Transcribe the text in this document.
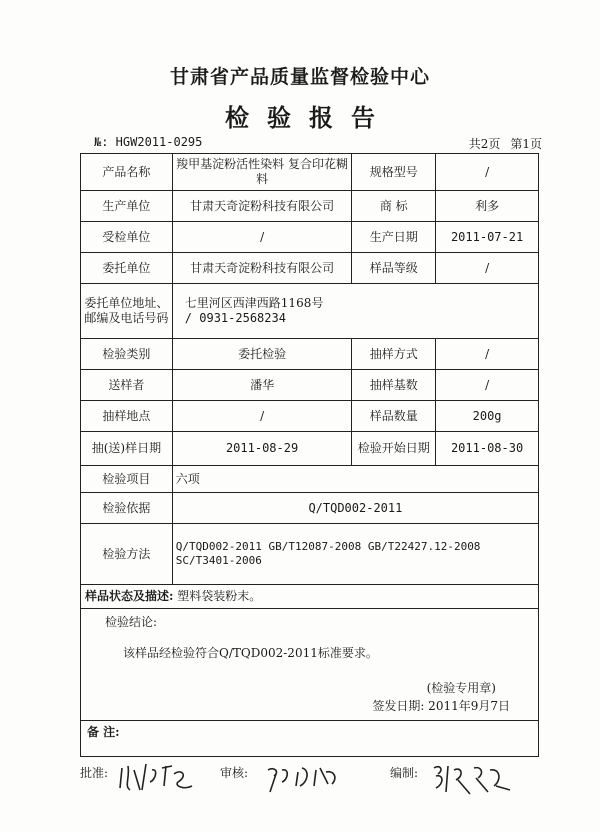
甘肃省产品质量监督检验中心
检验报告
№: HGW2011-0295	共2页 第1页
产品名称	羧甲基淀粉活性染料 复合印花糊料	规格型号	/
生产单位	甘肃天奇淀粉科技有限公司	商 标	利多
受检单位	/	生产日期	2011-07-21
委托单位	甘肃天奇淀粉科技有限公司	样品等级	/
委托单位地址、邮编及电话号码	七里河区西津西路1168号
/ 0931-2568234		

检验类别	委托检验	抽样方式	/
送样者	潘华	抽样基数	/
抽样地点	/	样品数量	200g
抽(送)样日期	2011-08-29	检验开始日期	2011-08-30
检验项目	六项		
检验依据	Q/TQD002-2011		
检验方法	Q/TQD002-2011 GB/T12087-2008 GB/T22427.12-2008
SC/T3401-2006		

样品状态及描述: 塑料袋装粉末。			

检验结论:
该样品经检验符合Q/TQD002-2011标准要求。
(检验专用章)
签发日期: 2011年9月7日			

备 注:			
批准:	审核:	编制:
